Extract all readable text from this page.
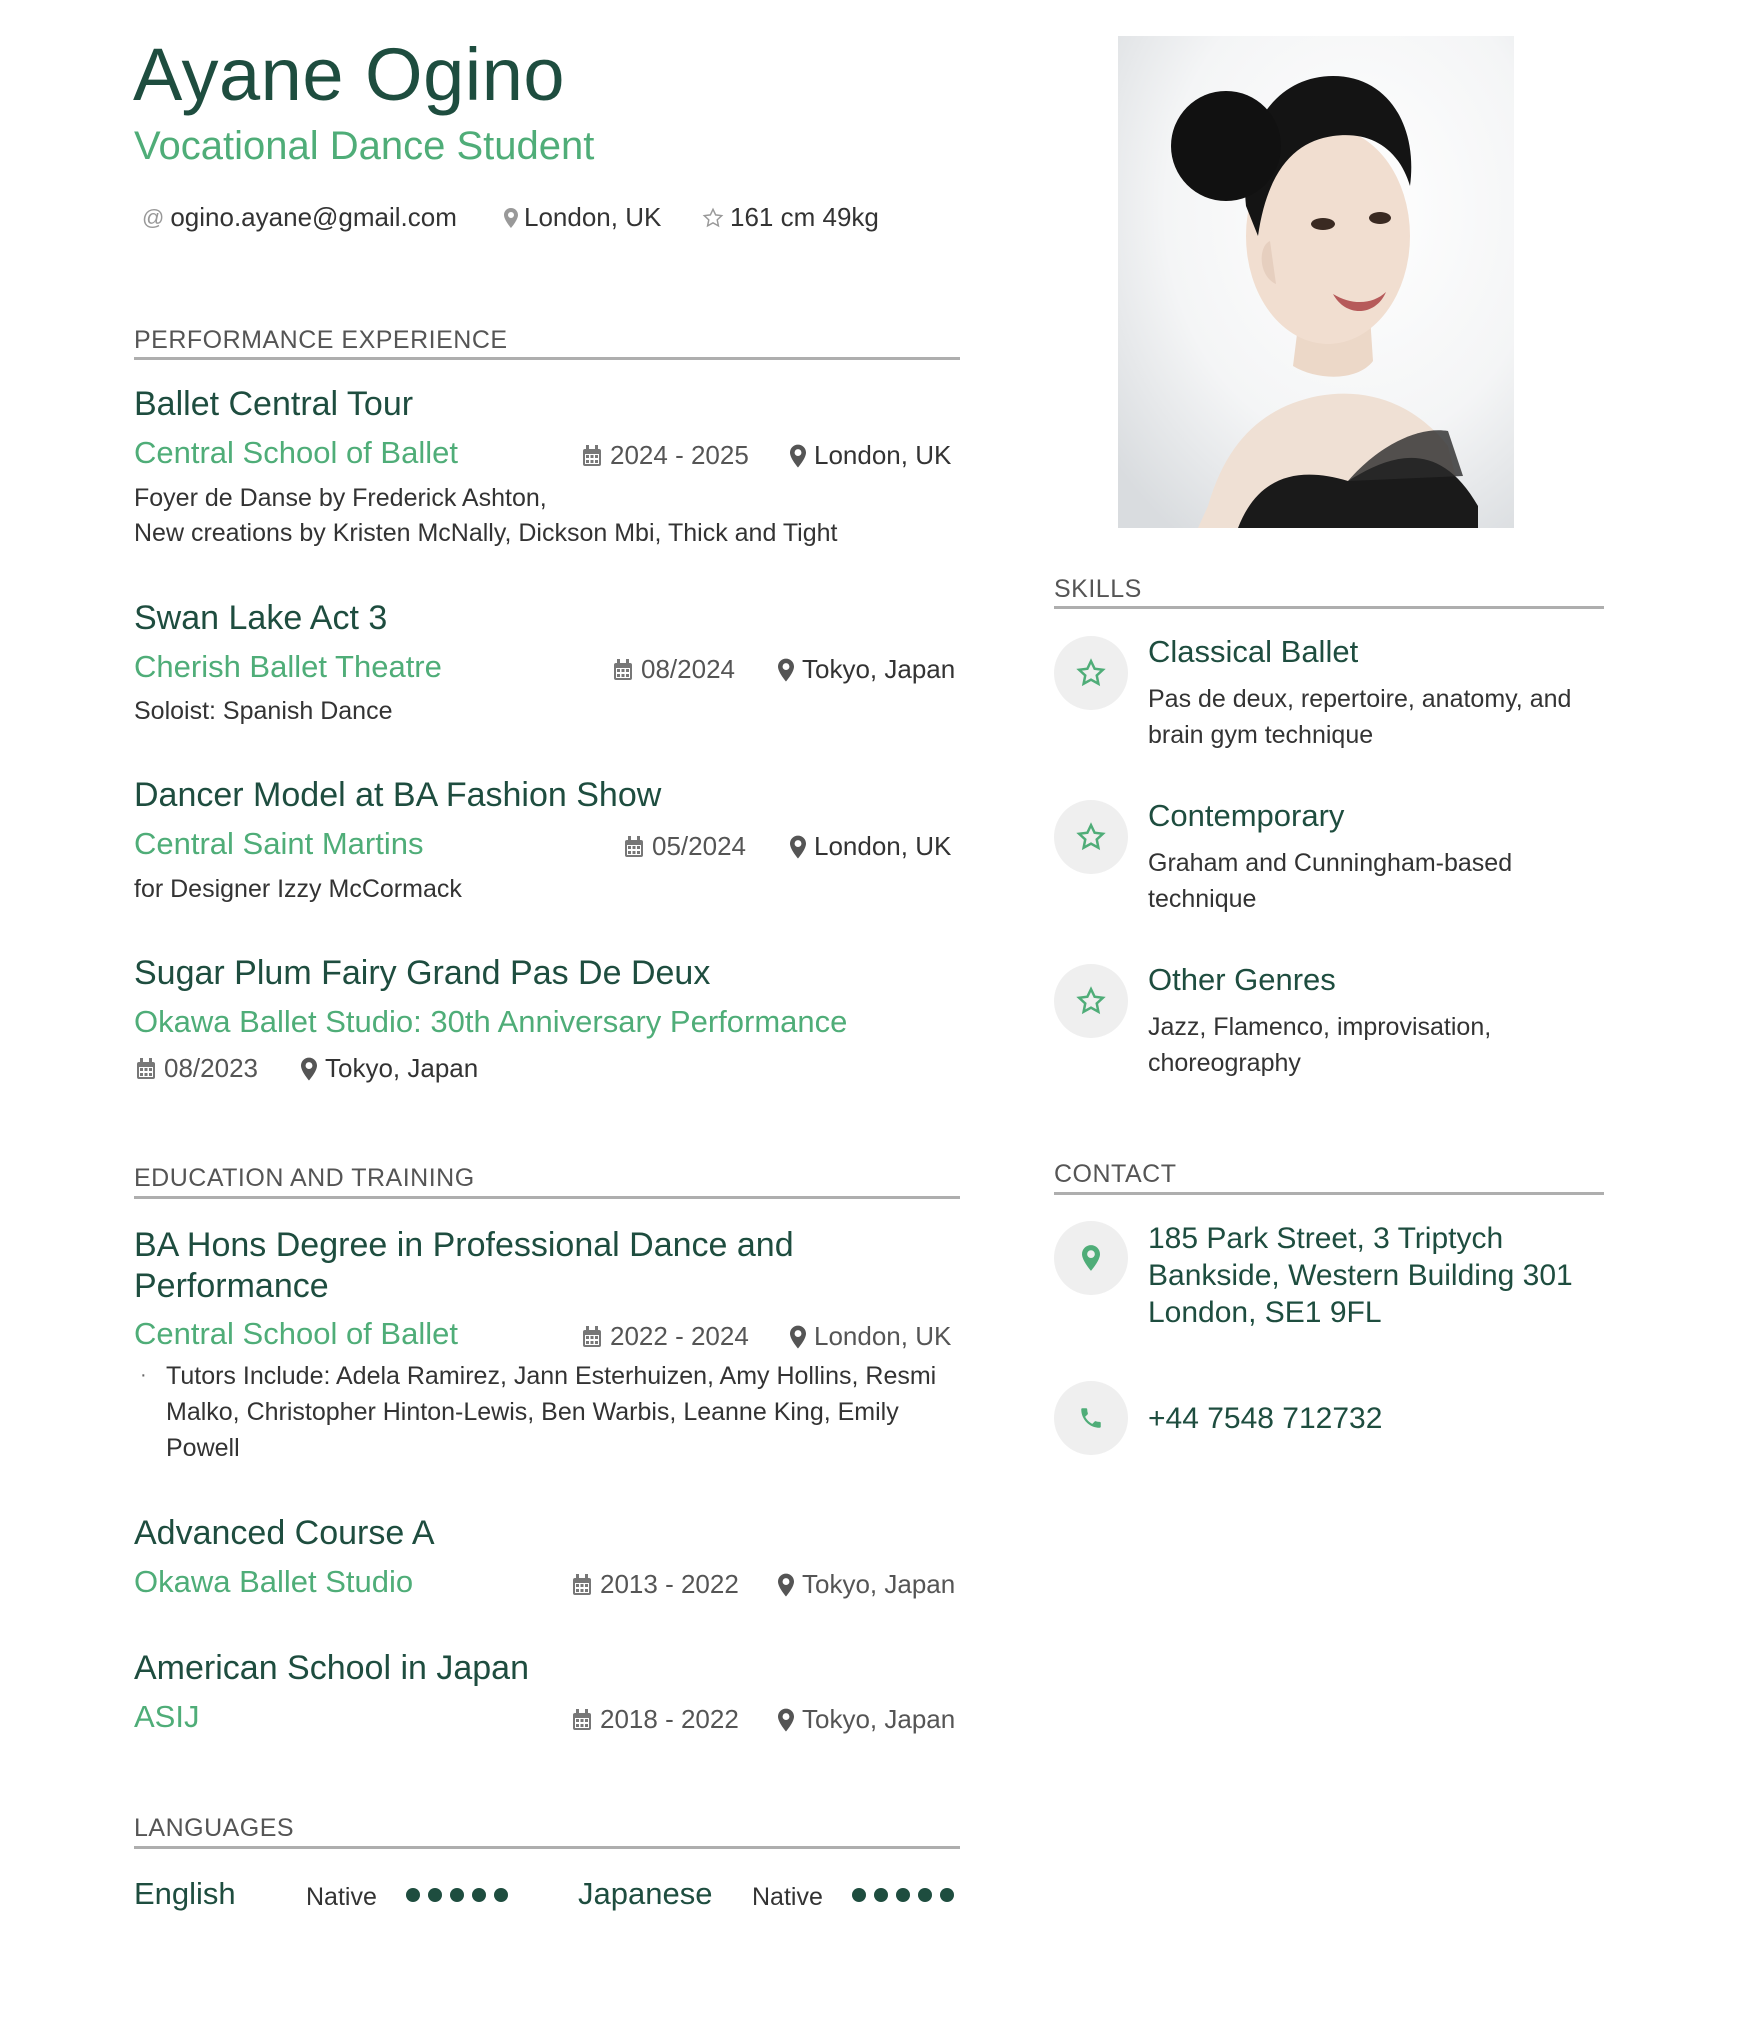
Ayane Ogino
Vocational Dance Student
@ ogino.ayane@gmail.com	London, UK	161 cm 49kg
PERFORMANCE EXPERIENCE
Ballet Central Tour
Central School of Ballet	2024 - 2025	London, UK
Foyer de Danse by Frederick Ashton,
New creations by Kristen McNally, Dickson Mbi, Thick and Tight
Swan Lake Act 3
Cherish Ballet Theatre	08/2024	Tokyo, Japan
Soloist: Spanish Dance
Dancer Model at BA Fashion Show
Central Saint Martins	05/2024	London, UK
for Designer Izzy McCormack
Sugar Plum Fairy Grand Pas De Deux
Okawa Ballet Studio: 30th Anniversary Performance
08/2023	Tokyo, Japan
EDUCATION AND TRAINING
BA Hons Degree in Professional Dance and Performance
Central School of Ballet	2022 - 2024	London, UK
· Tutors Include: Adela Ramirez, Jann Esterhuizen, Amy Hollins, Resmi Malko, Christopher Hinton-Lewis, Ben Warbis, Leanne King, Emily Powell
Advanced Course A
Okawa Ballet Studio	2013 - 2022 Tokyo, Japan
American School in Japan
ASIJ	2018 - 2022 Tokyo, Japan
LANGUAGES
English	Native	Japanese Native
SKILLS
Classical Ballet
Pas de deux, repertoire, anatomy, and brain gym technique
Contemporary
Graham and Cunningham-based technique
Other Genres
Jazz, Flamenco, improvisation, choreography
CONTACT
185 Park Street, 3 Triptych Bankside, Western Building 301 London, SE1 9FL
+44 7548 712732
